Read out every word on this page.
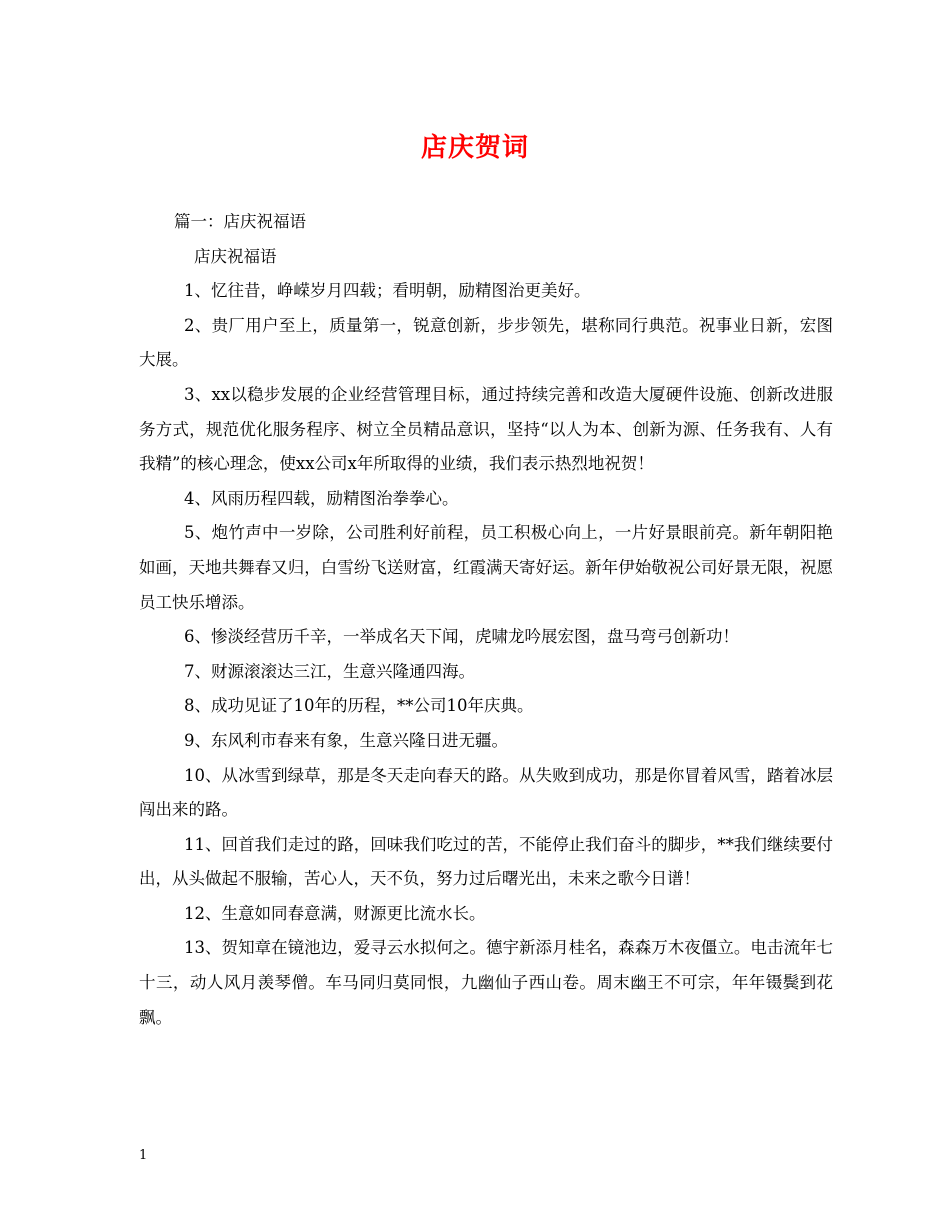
店庆贺词

篇一：店庆祝福语

店庆祝福语

1、忆往昔，峥嵘岁月四载；看明朝，励精图治更美好。

2、贵厂用户至上，质量第一，锐意创新，步步领先，堪称同行典范。祝事业日新，宏图大展。

3、xx以稳步发展的企业经营管理目标，通过持续完善和改造大厦硬件设施、创新改进服务方式，规范优化服务程序、树立全员精品意识，坚持“以人为本、创新为源、任务我有、人有我精”的核心理念，使xx公司x年所取得的业绩，我们表示热烈地祝贺！

4、风雨历程四载，励精图治拳拳心。

5、炮竹声中一岁除，公司胜利好前程，员工积极心向上，一片好景眼前亮。新年朝阳艳如画，天地共舞春又归，白雪纷飞送财富，红霞满天寄好运。新年伊始敬祝公司好景无限，祝愿员工快乐增添。

6、惨淡经营历千辛，一举成名天下闻，虎啸龙吟展宏图，盘马弯弓创新功！

7、财源滚滚达三江，生意兴隆通四海。

8、成功见证了10年的历程，**公司10年庆典。

9、东风利市春来有象，生意兴隆日进无疆。

10、从冰雪到绿草，那是冬天走向春天的路。从失败到成功，那是你冒着风雪，踏着冰层闯出来的路。

11、回首我们走过的路，回味我们吃过的苦，不能停止我们奋斗的脚步，**我们继续要付出，从头做起不服输，苦心人，天不负，努力过后曙光出，未来之歌今日谱！

12、生意如同春意满，财源更比流水长。

13、贺知章在镜池边，爱寻云水拟何之。德宇新添月桂名，森森万木夜僵立。电击流年七十三，动人风月羡琴僧。车马同归莫同恨，九幽仙子西山卷。周末幽王不可宗，年年镊鬓到花飘。

1
